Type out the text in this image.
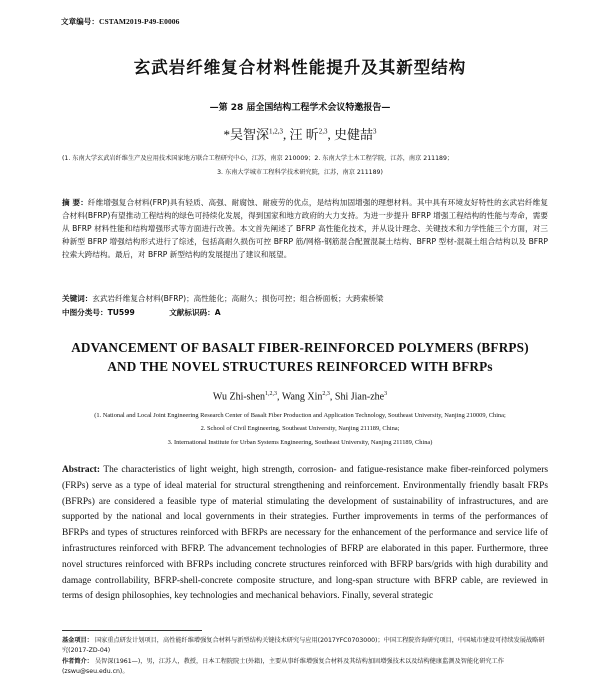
文章编号：CSTAM2019-P49-E0006
玄武岩纤维复合材料性能提升及其新型结构
—第 28 届全国结构工程学术会议特邀报告—
*吴智深$^{1,2,3}$, 汪 昕$^{2,3}$, 史健喆$^3$
(1. 东南大学玄武岩纤维生产及应用技术国家地方联合工程研究中心，江苏，南京 210009；2. 东南大学土木工程学院，江苏，南京 211189；
3. 东南大学城市工程科学技术研究院，江苏，南京 211189)
摘 要：纤维增强复合材料(FRP)具有轻质、高强、耐腐蚀、耐疲劳的优点，是结构加固增强的理想材料。其中具有环境友好特性的玄武岩纤维复合材料(BFRP)有望推动工程结构的绿色可持续化发展，得到国家和地方政府的大力支持。为进一步提升 BFRP 增强工程结构的性能与寿命，需要从 BFRP 材料性能和结构增强形式等方面进行改善。本文首先阐述了 BFRP 高性能化技术，并从设计理念、关键技术和力学性能三个方面，对三种新型 BFRP 增强结构形式进行了综述，包括高耐久损伤可控 BFRP 筋/网格-钢筋混合配置混凝土结构、BFRP 型材-混凝土组合结构以及 BFRP 拉索大跨结构。最后，对 BFRP 新型结构的发展提出了建议和展望。
关键词：玄武岩纤维复合材料(BFRP)；高性能化；高耐久；损伤可控；组合桥面板；大跨索桥梁
中图分类号：TU599	文献标识码：A
ADVANCEMENT OF BASALT FIBER-REINFORCED POLYMERS (BFRPS)
AND THE NOVEL STRUCTURES REINFORCED WITH BFRPs
Wu Zhi-shen$^{1,2,3}$, Wang Xin$^{2,3}$, Shi Jian-zhe$^3$
(1. National and Local Joint Engineering Research Center of Basalt Fiber Production and Application Technology, Southeast University, Nanjing 210009, China;
2. School of Civil Engineering, Southeast University, Nanjing 211189, China;
3. International Institute for Urban Systems Engineering, Southeast University, Nanjing 211189, China)
Abstract: The characteristics of light weight, high strength, corrosion- and fatigue-resistance make fiber-reinforced polymers (FRPs) serve as a type of ideal material for structural strengthening and reinforcement. Environmentally friendly basalt FRPs (BFRPs) are considered a feasible type of material stimulating the development of sustainability of infrastructures, and are supported by the national and local governments in their strategies. Further improvements in terms of the performances of BFRPs and types of structures reinforced with BFRPs are necessary for the enhancement of the performance and service life of infrastructures reinforced with BFRP. The advancement technologies of BFRP are elaborated in this paper. Furthermore, three novel structures reinforced with BFRPs including concrete structures reinforced with BFRP bars/grids with high durability and damage controllability, BFRP-shell-concrete composite structure, and long-span structure with BFRP cable, are reviewed in terms of design philosophies, key technologies and mechanical behaviors. Finally, several strategic
基金项目： 国家重点研发计划项目，高性能纤维增强复合材料与新型结构关键技术研究与应用(2017YFC0703000)；中国工程院咨询研究项目，中国城市建设可持续发展战略研究(2017-ZD-04)
作者简介： 吴智深(1961—)，男，江苏人，教授，日本工程院院士(外籍)，主要从事纤维增强复合材料及其结构加固增强技术以及结构健康监测及智能化研究工作(zswu@seu.edu.cn)。
